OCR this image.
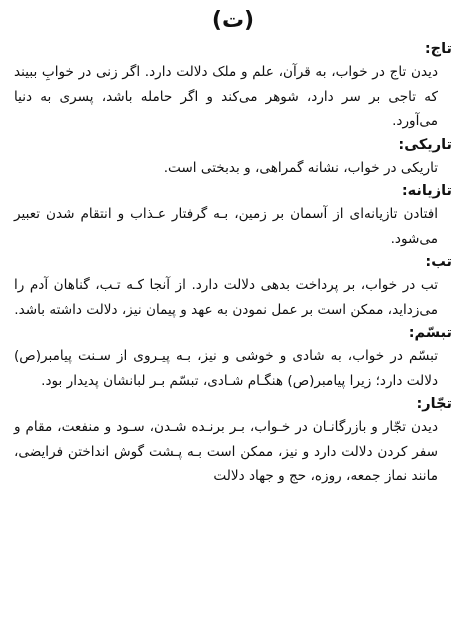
(ت)
تاج:
دیدن تاج در خواب، به قرآن، علم و ملک دلالت دارد. اگر زنی در خوابِ ببیند که تاجی بر سر دارد، شوهر می‌کند و اگر حامله باشد، پسری به دنیا می‌آورد.
تاریکی:
تاریکی در خواب، نشانه گمراهی، و بدبختی است.
تازیانه:
افتادن تازیانه‌ای از آسمان بر زمین، بـه گرفتار عـذاب و انتقام شدن تعبیر می‌شود.
تب:
تب در خواب، بر پرداخت بدهی دلالت دارد. از آنجا کـه تـب، گناهان آدم را می‌زداید، ممکن است بر عمل نمودن به عهد و پیمان نیز، دلالت داشته باشد.
تبسّم:
تبسّم در خواب، به شادی و خوشی و نیز، بـه پیـروی از سـنت پیامبر(ص) دلالت دارد؛ زیرا پیامبر(ص) هنگـام شـادی، تبسّم بـر لبانشان پدیدار بود.
تجّار:
دیدن تجّار و بازرگانـان در خـواب، بـر برنـده شـدن، سـود و منفعت، مقام و سفر کردن دلالت دارد و نیز، ممکن است بـه پـشت گوش انداختن فرایضی، مانند نماز جمعه، روزه، حج و جهاد دلالت
